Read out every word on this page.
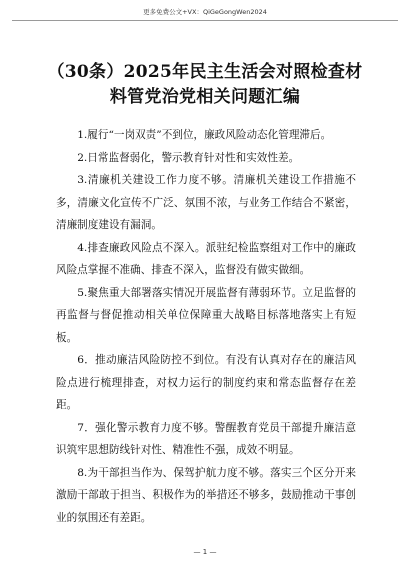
更多免费公文+VX：QiGeGongWen2024
（30条）2025年民主生活会对照检查材
料管党治党相关问题汇编

1.履行“一岗双责”不到位，廉政风险动态化管理滞后。

2.日常监督弱化，警示教育针对性和实效性差。

3.清廉机关建设工作力度不够。清廉机关建设工作措施不多，清廉文化宣传不广泛、氛围不浓，与业务工作结合不紧密，清廉制度建设有漏洞。

4.排查廉政风险点不深入。派驻纪检监察组对工作中的廉政风险点掌握不准确、排查不深入，监督没有做实做细。

5.聚焦重大部署落实情况开展监督有薄弱环节。立足监督的再监督与督促推动相关单位保障重大战略目标落地落实上有短板。

6．推动廉洁风险防控不到位。有没有认真对存在的廉洁风险点进行梳理排查，对权力运行的制度约束和常态监督存在差距。

7．强化警示教育力度不够。警醒教育党员干部提升廉洁意识筑牢思想防线针对性、精准性不强，成效不明显。

8.为干部担当作为、保驾护航力度不够。落实三个区分开来激励干部敢于担当、积极作为的举措还不够多，鼓励推动干事创业的氛围还有差距。

— 1 —
